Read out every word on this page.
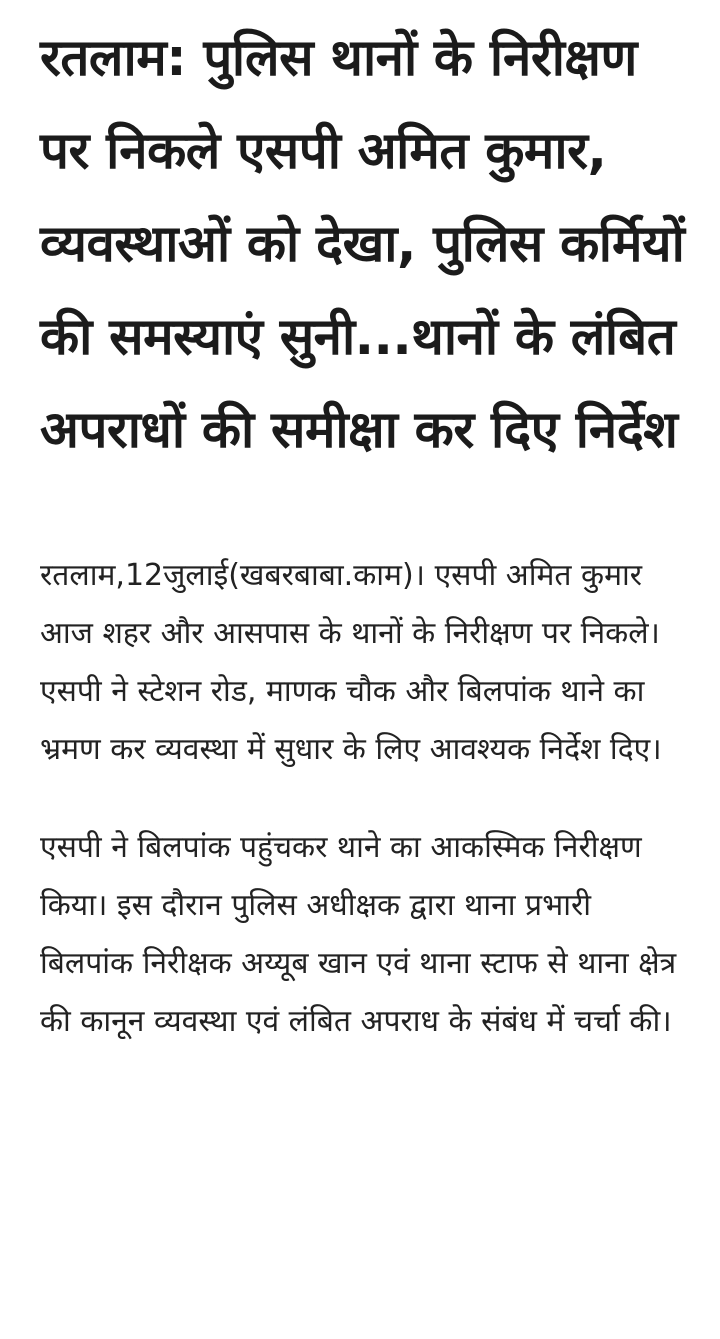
रतलाम: पुलिस थानों के निरीक्षण पर निकले एसपी अमित कुमार, व्यवस्थाओं को देखा, पुलिस कर्मियों की समस्याएं सुनी...थानों के लंबित अपराधों की समीक्षा कर दिए निर्देश

रतलाम,12जुलाई(खबरबाबा.काम)। एसपी अमित कुमार आज शहर और आसपास के थानों के निरीक्षण पर निकले। एसपी ने स्टेशन रोड, माणक चौक और बिलपांक थाने का भ्रमण कर व्यवस्था में सुधार के लिए आवश्यक निर्देश दिए।

एसपी ने बिलपांक पहुंचकर थाने का आकस्मिक निरीक्षण किया। इस दौरान पुलिस अधीक्षक द्वारा थाना प्रभारी बिलपांक निरीक्षक अय्यूब खान एवं थाना स्टाफ से थाना क्षेत्र की कानून व्यवस्था एवं लंबित अपराध के संबंध में चर्चा की।
